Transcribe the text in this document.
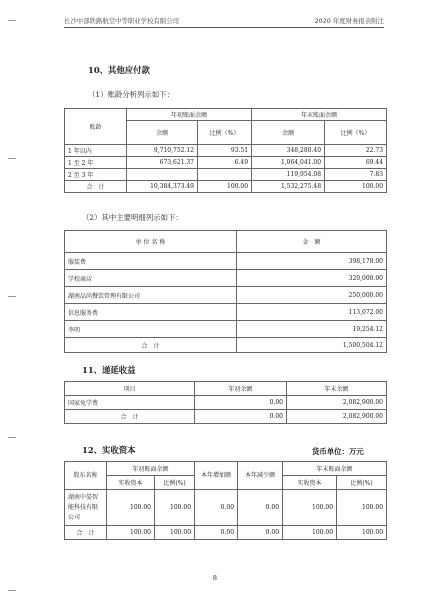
长沙中部铁路航空中等职业学校有限公司	2020 年度财务报表附注
10、其他应付款
（1）账龄分析列示如下：
账龄	年初账面余额		年末账面余额	
	余额	比例（%）	余额	比例（%）
1 年以内	9,710,752.12	93.51	348,280.40	22.73
1 至 2 年	673,621.37	6.49	1,064,041.00	69.44
2 至 3 年			119,954.08	7.83
合　计	10,384,373.49	100.00	1,532,275.48	100.00
（2）其中主要明细列示如下：
单 位 名 称	金　额
服装费	398,178.00
学校商店	320,000.00
湖南品尚餐饮管理有限公司	250,000.00
信息服务费	113,072.00
李明	19,254.12
合　计	1,500,504.12
11、递延收益
项目	年初余额	年末余额
国家免学费	0.00	2,082,900.00
合　计	0.00	2,082,900.00
12、实收资本	货币单位：万元
股东名称	年初账面余额		本年增加额	本年减少额	年末账面余额	
	实收资本	比例(%)			实收资本	比例(%)
湖南中晏智能科技有限公司	100.00	100.00	0.00	0.00	100.00	100.00
合　计	100.00	100.00	0.00	0.00	100.00	100.00
8
